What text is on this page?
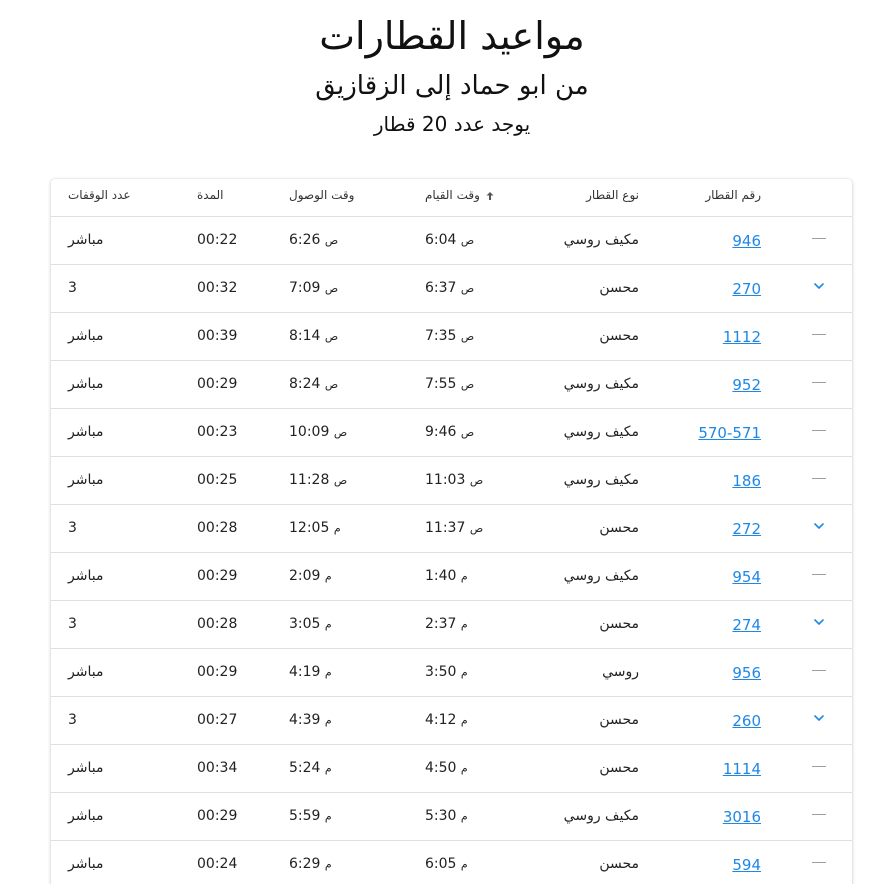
مواعيد القطارات
من ابو حماد إلى الزقازيق
يوجد عدد 20 قطار
عدد الوقفات	المدة	وقت الوصول	وقت القيام	نوع القطار	رقم القطار
مباشر	00:22	6:26 ص	6:04 ص	مكيف روسي	946
3	00:32	7:09 ص	6:37 ص	محسن	270
مباشر	00:39	8:14 ص	7:35 ص	محسن	1112
مباشر	00:29	8:24 ص	7:55 ص	مكيف روسي	952
مباشر	00:23	10:09 ص	9:46 ص	مكيف روسي	570-571
مباشر	00:25	11:28 ص	11:03 ص	مكيف روسي	186
3	00:28	12:05 م	11:37 ص	محسن	272
مباشر	00:29	2:09 م	1:40 م	مكيف روسي	954
3	00:28	3:05 م	2:37 م	محسن	274
مباشر	00:29	4:19 م	3:50 م	روسي	956
3	00:27	4:39 م	4:12 م	محسن	260
مباشر	00:34	5:24 م	4:50 م	محسن	1114
مباشر	00:29	5:59 م	5:30 م	مكيف روسي	3016
مباشر	00:24	6:29 م	6:05 م	محسن	594
